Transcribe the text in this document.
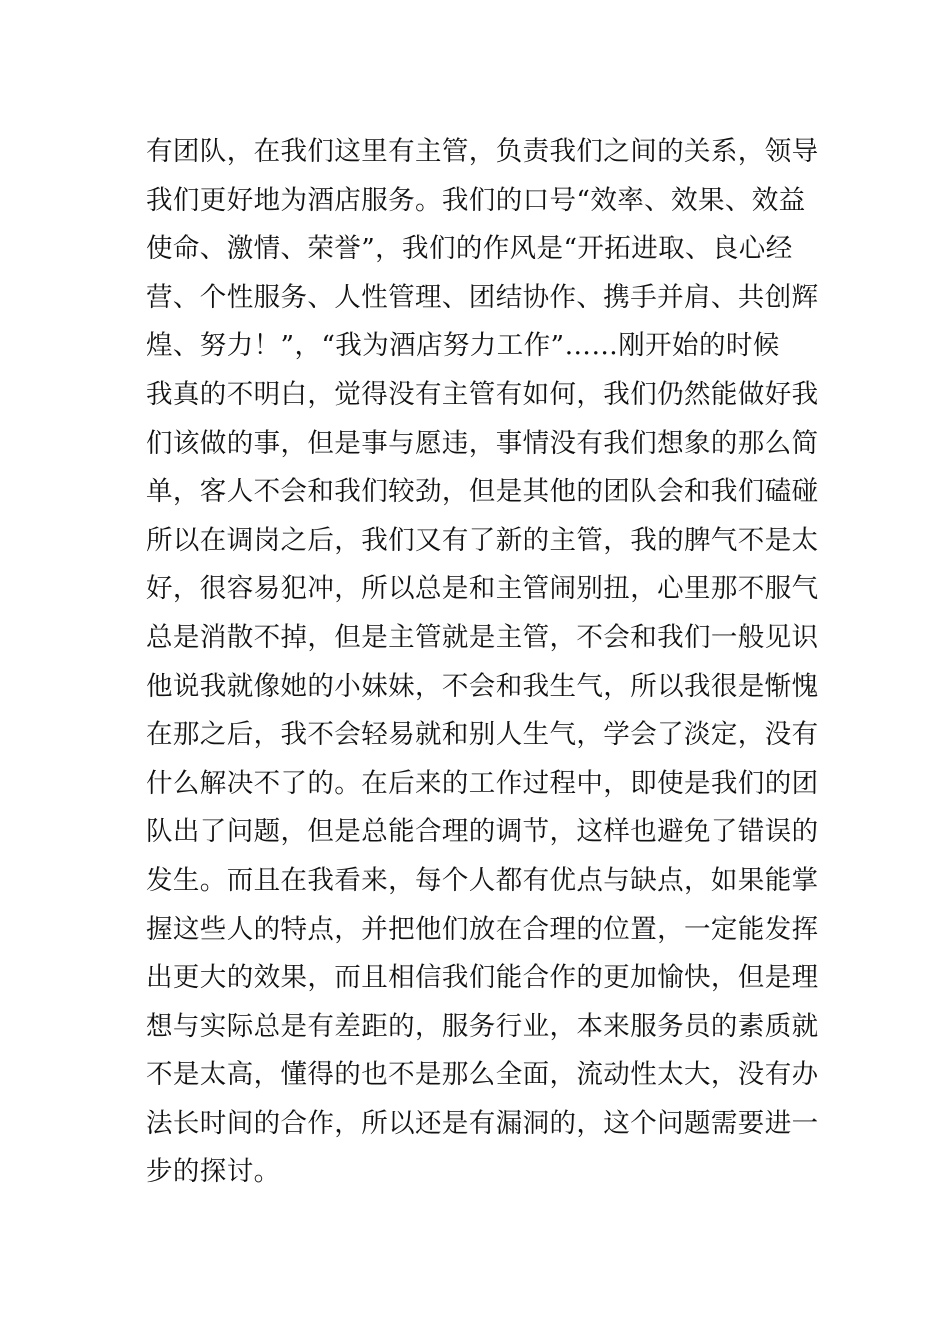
有团队，在我们这里有主管，负责我们之间的关系，领导
我们更好地为酒店服务。我们的口号“效率、效果、效益
使命、激情、荣誉”，我们的作风是“开拓进取、良心经
营、个性服务、人性管理、团结协作、携手并肩、共创辉
煌、努力！”，“我为酒店努力工作”……刚开始的时候
我真的不明白，觉得没有主管有如何，我们仍然能做好我
们该做的事，但是事与愿违，事情没有我们想象的那么简
单，客人不会和我们较劲，但是其他的团队会和我们磕碰
所以在调岗之后，我们又有了新的主管，我的脾气不是太
好，很容易犯冲，所以总是和主管闹别扭，心里那不服气
总是消散不掉，但是主管就是主管，不会和我们一般见识
他说我就像她的小妹妹，不会和我生气，所以我很是惭愧
在那之后，我不会轻易就和别人生气，学会了淡定，没有
什么解决不了的。在后来的工作过程中，即使是我们的团
队出了问题，但是总能合理的调节，这样也避免了错误的
发生。而且在我看来，每个人都有优点与缺点，如果能掌
握这些人的特点，并把他们放在合理的位置，一定能发挥
出更大的效果，而且相信我们能合作的更加愉快，但是理
想与实际总是有差距的，服务行业，本来服务员的素质就
不是太高，懂得的也不是那么全面，流动性太大，没有办
法长时间的合作，所以还是有漏洞的，这个问题需要进一
步的探讨。
